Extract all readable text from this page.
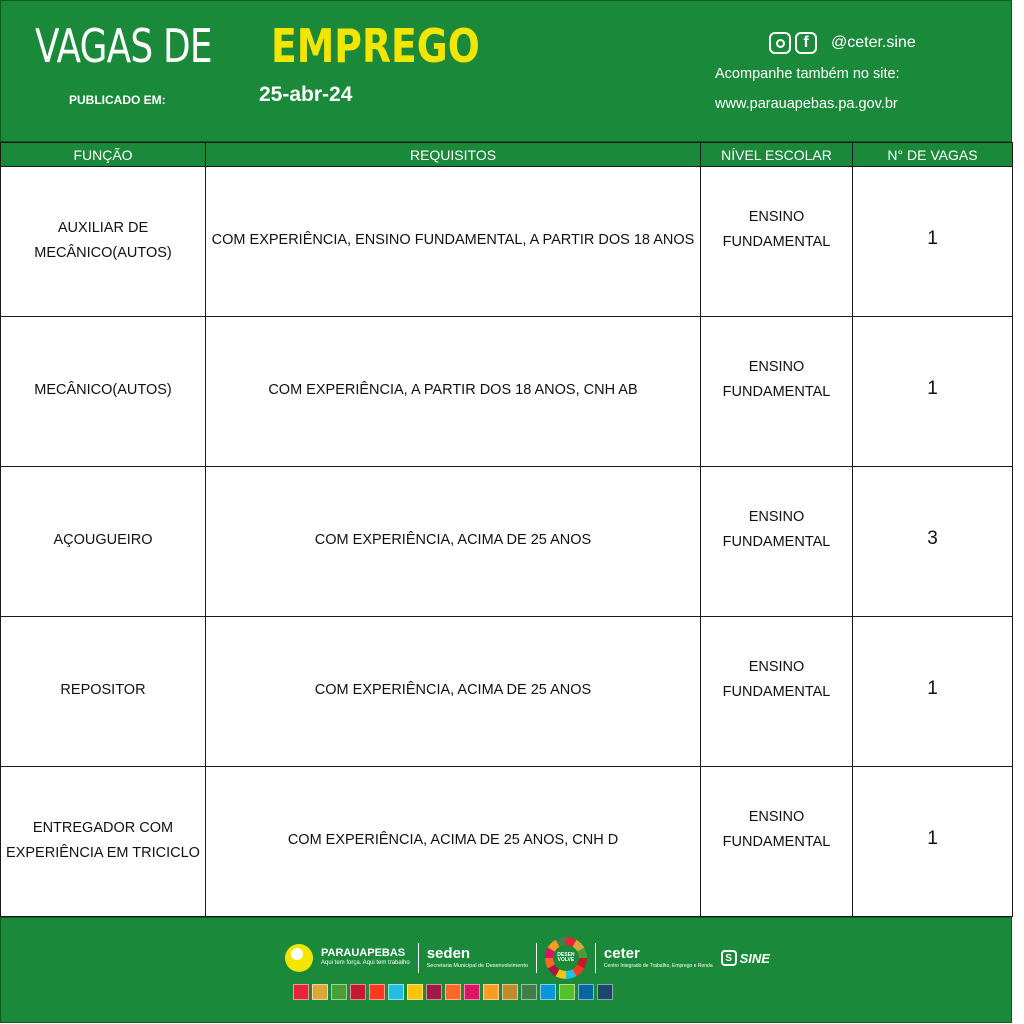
VAGAS DE EMPREGO
PUBLICADO EM:	25-abr-24
f @ceter.sine
Acompanhe também no site:
www.parauapebas.pa.gov.br
FUNÇÃO	REQUISITOS	NÍVEL ESCOLAR	N° DE VAGAS
AUXILIAR DE MECÂNICO(AUTOS)	COM EXPERIÊNCIA, ENSINO FUNDAMENTAL, A PARTIR DOS 18 ANOS	ENSINO FUNDAMENTAL	1
MECÂNICO(AUTOS)	COM EXPERIÊNCIA, A PARTIR DOS 18 ANOS, CNH AB	ENSINO FUNDAMENTAL	1
AÇOUGUEIRO	COM EXPERIÊNCIA, ACIMA DE 25 ANOS	ENSINO FUNDAMENTAL	3
REPOSITOR	COM EXPERIÊNCIA, ACIMA DE 25 ANOS	ENSINO FUNDAMENTAL	1
ENTREGADOR COM EXPERIÊNCIA EM TRICICLO	COM EXPERIÊNCIA, ACIMA DE 25 ANOS, CNH D	ENSINO FUNDAMENTAL	1
PARAUAPEBAS
Aqui tem força. Aqui tem trabalho
seden
Secretaria Municipal de Desenvolvimento
DESEN VOLVE	ceter
Centro Integrado de Trabalho, Emprego e Renda
S SINE
